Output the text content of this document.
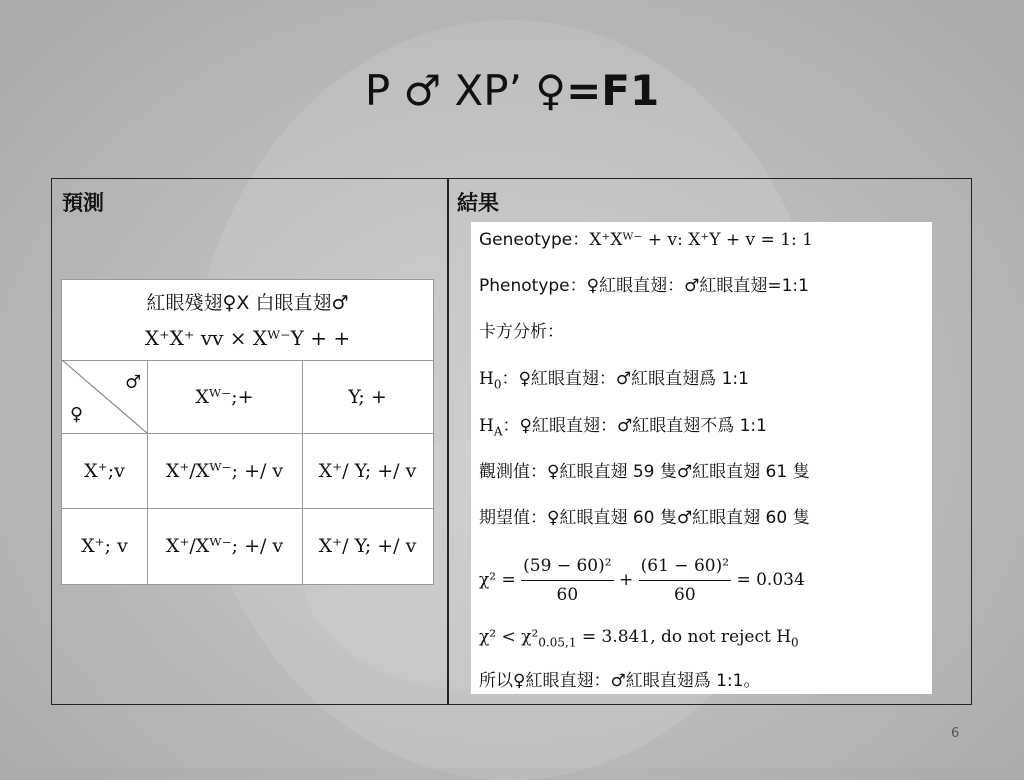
P ♂ XP’ ♀=F1
預測	結果
紅眼殘翅♀X 白眼直翅♂
X⁺X⁺ vv × Xᵂ⁻Y + +
♂
♀
Xᵂ⁻;+	Y; +
X⁺;v	X⁺/Xᵂ⁻; +/ v	X⁺/ Y; +/ v
X⁺; v	X⁺/Xᵂ⁻; +/ v	X⁺/ Y; +/ v
Geneotype：X⁺Xᵂ⁻ + v: X⁺Y + v = 1: 1
Phenotype：♀紅眼直翅：♂紅眼直翅=1:1
卡方分析：
$H_0$：♀紅眼直翅：♂紅眼直翅爲 1:1
$H_A$：♀紅眼直翅：♂紅眼直翅不爲 1:1
觀測值：♀紅眼直翅 59 隻♂紅眼直翅 61 隻
期望值：♀紅眼直翅 60 隻♂紅眼直翅 60 隻
$\chi^2 = \frac{\text{(59 − 60)²}}{60} + \frac{\text{(61 − 60)²}}{60} = 0.034$
$\chi^2 < \chi^2_{0.05,1} = 3.841$, do not reject $H_0$
所以♀紅眼直翅：♂紅眼直翅爲 1:1。
6
